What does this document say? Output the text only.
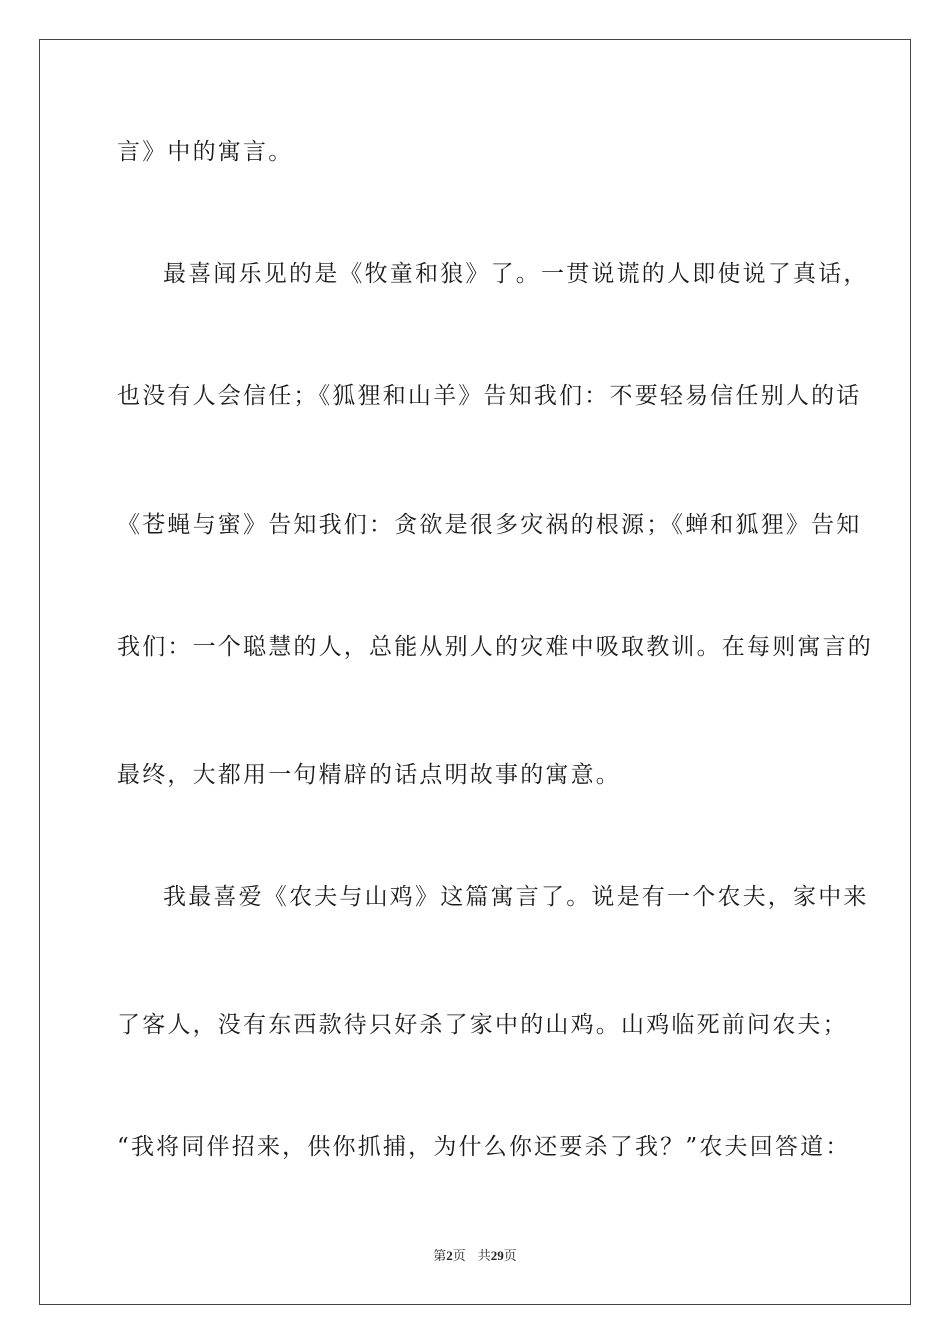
言》中的寓言。
最喜闻乐见的是《牧童和狼》了。一贯说谎的人即使说了真话，
也没有人会信任；《狐狸和山羊》告知我们：不要轻易信任别人的话
《苍蝇与蜜》告知我们：贪欲是很多灾祸的根源；《蝉和狐狸》告知
我们：一个聪慧的人，总能从别人的灾难中吸取教训。在每则寓言的
最终，大都用一句精辟的话点明故事的寓意。
我最喜爱《农夫与山鸡》这篇寓言了。说是有一个农夫，家中来
了客人，没有东西款待只好杀了家中的山鸡。山鸡临死前问农夫；
“我将同伴招来，供你抓捕，为什么你还要杀了我？”农夫回答道：
第2页 共29页
